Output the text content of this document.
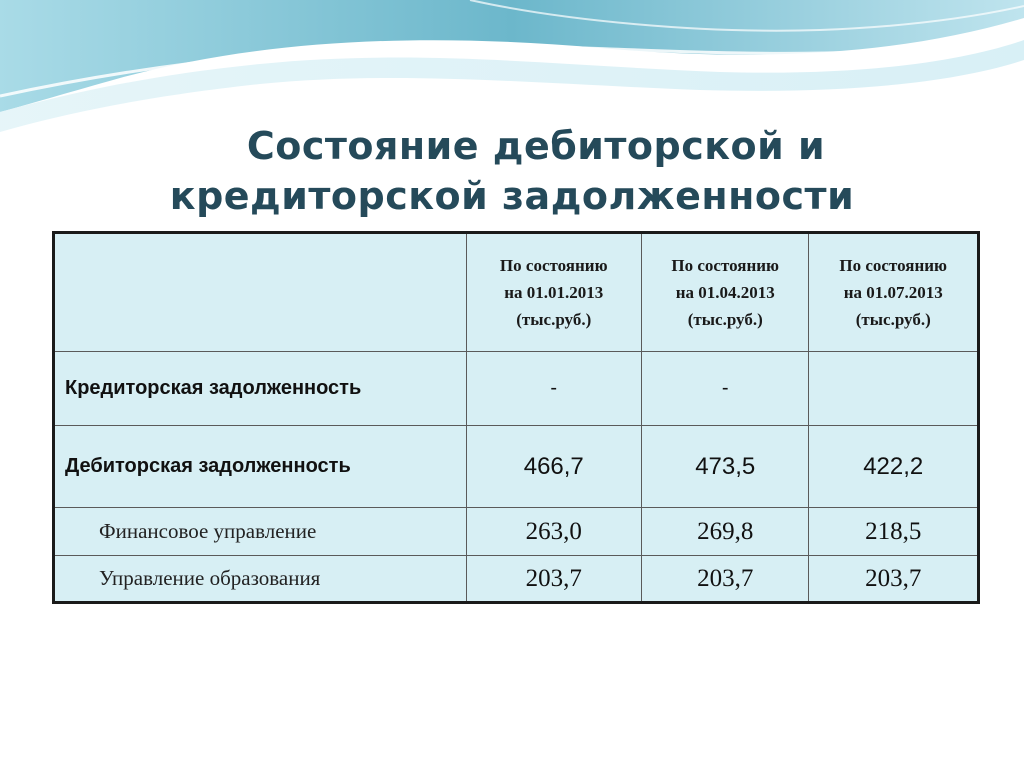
Состояние дебиторской и
кредиторской задолженности

	По состоянию
на 01.01.2013
(тыс.руб.)	По состоянию
на 01.04.2013
(тыс.руб.)	По состоянию
на 01.07.2013
(тыс.руб.)

Кредиторская задолженность	-	-	
Дебиторская задолженность	466,7	473,5	422,2
Финансовое управление	263,0	269,8	218,5
Управление образования	203,7	203,7	203,7
